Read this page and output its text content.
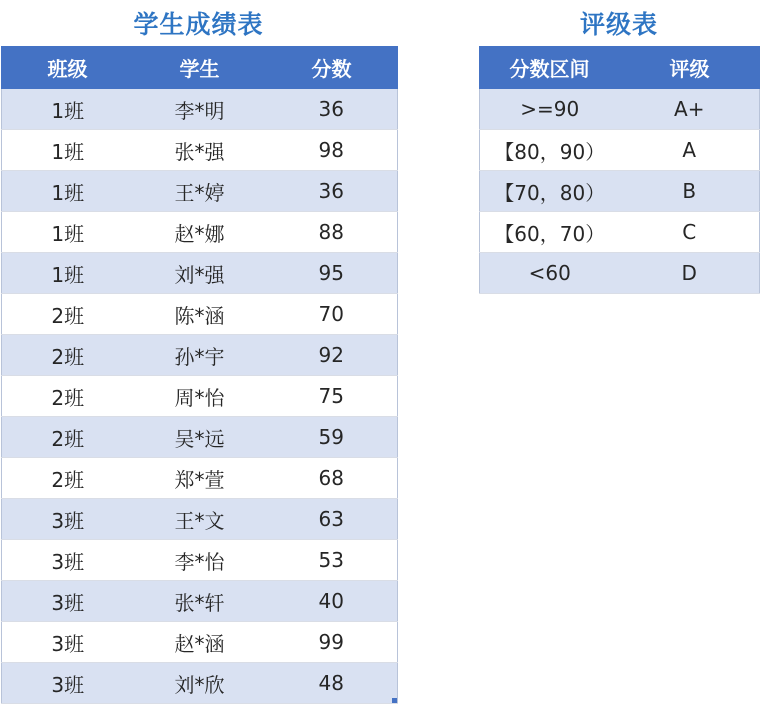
学生成绩表	评级表
班级	学生	分数
1班	李*明	36
1班	张*强	98
1班	王*婷	36
1班	赵*娜	88
1班	刘*强	95
2班	陈*涵	70
2班	孙*宇	92
2班	周*怡	75
2班	吴*远	59
2班	郑*萱	68
3班	王*文	63
3班	李*怡	53
3班	张*轩	40
3班	赵*涵	99
3班	刘*欣	48
分数区间	评级
>=90	A+
【80，90）	A
【70，80）	B
【60，70）	C
<60	D
